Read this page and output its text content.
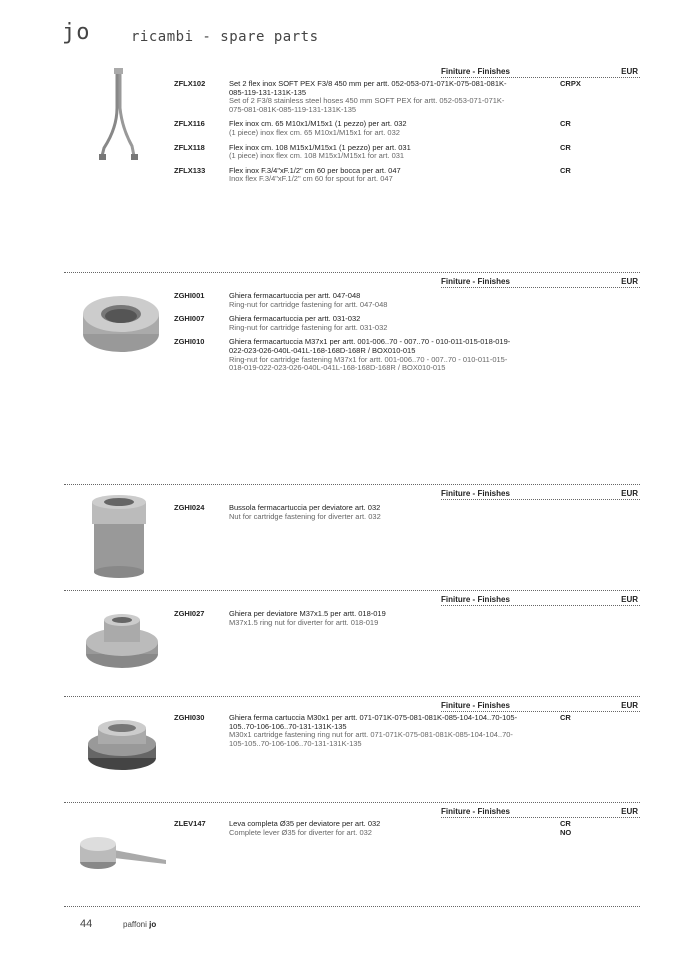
jo	ricambi - spare parts
Finiture - Finishes	EUR
ZFLX102	Set 2 flex inox SOFT PEX F3/8 450 mm per artt. 052-053-071-071K-075-081-081K-085-119-131-131K-135
Set of 2 F3/8 stainless steel hoses 450 mm SOFT PEX for artt. 052-053-071-071K-075-081-081K-085-119-131-131K-135
CRPX
ZFLX116	Flex inox cm. 65 M10x1/M15x1 (1 pezzo) per art. 032
(1 piece) inox flex cm. 65 M10x1/M15x1 for art. 032
CR
ZFLX118	Flex inox cm. 108 M15x1/M15x1 (1 pezzo) per art. 031
(1 piece) inox flex cm. 108 M15x1/M15x1 for art. 031
CR
ZFLX133	Flex inox F.3/4"xF.1/2" cm 60 per bocca per art. 047
Inox flex F.3/4"xF.1/2" cm 60 for spout for art. 047
CR
Finiture - Finishes	EUR
ZGHI001	Ghiera fermacartuccia per artt. 047-048
Ring-nut for cartridge fastening for artt. 047-048
ZGHI007	Ghiera fermacartuccia per artt. 031-032
Ring-nut for cartridge fastening for artt. 031-032
ZGHI010	Ghiera fermacartuccia M37x1 per artt. 001-006..70 - 007..70 - 010-011-015-018-019-022-023-026-040L-041L-168-168D-168R / BOX010-015
Ring-nut for cartridge fastening M37x1 for artt. 001-006..70 - 007..70 - 010-011-015-018-019-022-023-026-040L-041L-168-168D-168R / BOX010-015
Finiture - Finishes	EUR
ZGHI024	Bussola fermacartuccia per deviatore art. 032
Nut for cartridge fastening for diverter art. 032
Finiture - Finishes	EUR
ZGHI027	Ghiera per deviatore M37x1.5 per artt. 018-019
M37x1.5 ring nut for diverter for artt. 018-019
Finiture - Finishes	EUR
ZGHI030	Ghiera ferma cartuccia M30x1 per artt. 071-071K-075-081-081K-085-104-104..70-105-105..70-106-106..70-131-131K-135
M30x1 cartridge fastening ring nut for artt. 071-071K-075-081-081K-085-104-104..70-105-105..70-106-106..70-131-131K-135
CR
Finiture - Finishes	EUR
ZLEV147	Leva completa Ø35 per deviatore per art. 032
Complete lever Ø35 for diverter for art. 032
CR
NO
44	paffoni jo
